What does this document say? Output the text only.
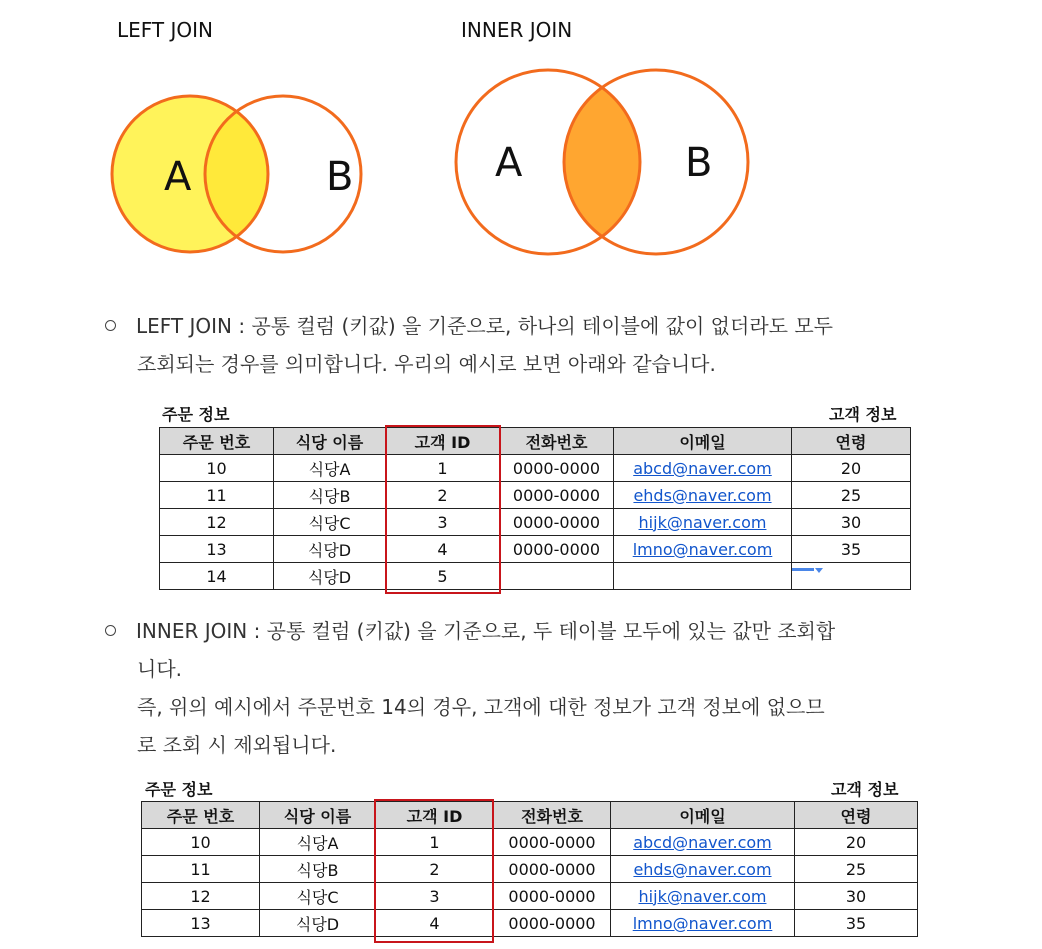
LEFT JOIN	INNER JOIN
A	B	A	B
LEFT JOIN : 공통 컬럼 (키값) 을 기준으로, 하나의 테이블에 값이 없더라도 모두
조회되는 경우를 의미합니다. 우리의 예시로 보면 아래와 같습니다.
주문 정보	고객 정보
주문 번호	식당 이름	고객 ID	전화번호	이메일	연령
10	식당A	1	0000-0000	abcd@naver.com	20
11	식당B	2	0000-0000	ehds@naver.com	25
12	식당C	3	0000-0000	hijk@naver.com	30
13	식당D	4	0000-0000	lmno@naver.com	35
14	식당D	5			
INNER JOIN : 공통 컬럼 (키값) 을 기준으로, 두 테이블 모두에 있는 값만 조회합
니다.
즉, 위의 예시에서 주문번호 14의 경우, 고객에 대한 정보가 고객 정보에 없으므
로 조회 시 제외됩니다.
주문 정보	고객 정보
주문 번호	식당 이름	고객 ID	전화번호	이메일	연령
10	식당A	1	0000-0000	abcd@naver.com	20
11	식당B	2	0000-0000	ehds@naver.com	25
12	식당C	3	0000-0000	hijk@naver.com	30
13	식당D	4	0000-0000	lmno@naver.com	35
